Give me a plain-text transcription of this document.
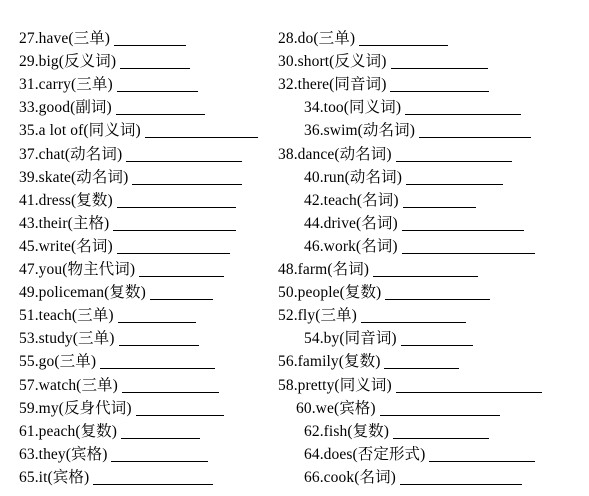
27.have(三单)
29.big(反义词)
31.carry(三单)
33.good(副词)
35.a lot of(同义词)
37.chat(动名词)
39.skate(动名词)
41.dress(复数)
43.their(主格)
45.write(名词)
47.you(物主代词)
49.policeman(复数)
51.teach(三单)
53.study(三单)
55.go(三单)
57.watch(三单)
59.my(反身代词)
61.peach(复数)
63.they(宾格)
65.it(宾格)
28.do(三单)
30.short(反义词)
32.there(同音词)
34.too(同义词)
36.swim(动名词)
38.dance(动名词)
40.run(动名词)
42.teach(名词)
44.drive(名词)
46.work(名词)
48.farm(名词)
50.people(复数)
52.fly(三单)
54.by(同音词)
56.family(复数)
58.pretty(同义词)
60.we(宾格)
62.fish(复数)
64.does(否定形式)
66.cook(名词)
